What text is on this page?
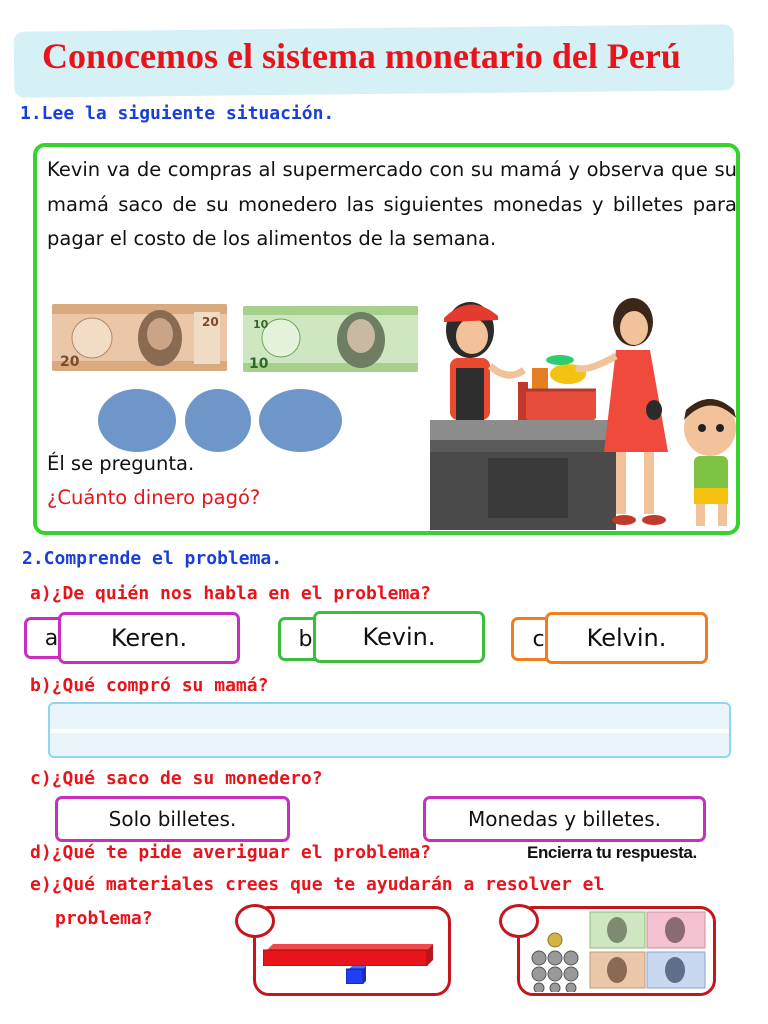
Conocemos el sistema monetario del Perú
1.Lee la siguiente situación.
Kevin va de compras al supermercado con su mamá y observa que su mamá saco de su monedero las siguientes monedas y billetes para pagar el costo de los alimentos de la semana.
20
20
10
10
Él se pregunta.
¿Cuánto dinero pagó?
2.Comprende el problema.
a)¿De quién nos habla en el problema?
a Keren.	b Kevin.	c Kelvin.
b)¿Qué compró su mamá?
c)¿Qué saco de su monedero?
Solo billetes.	Monedas y billetes.
d)¿Qué te pide averiguar el problema?	Encierra tu respuesta.
e)¿Qué materiales crees que te ayudarán a resolver el
problema?
